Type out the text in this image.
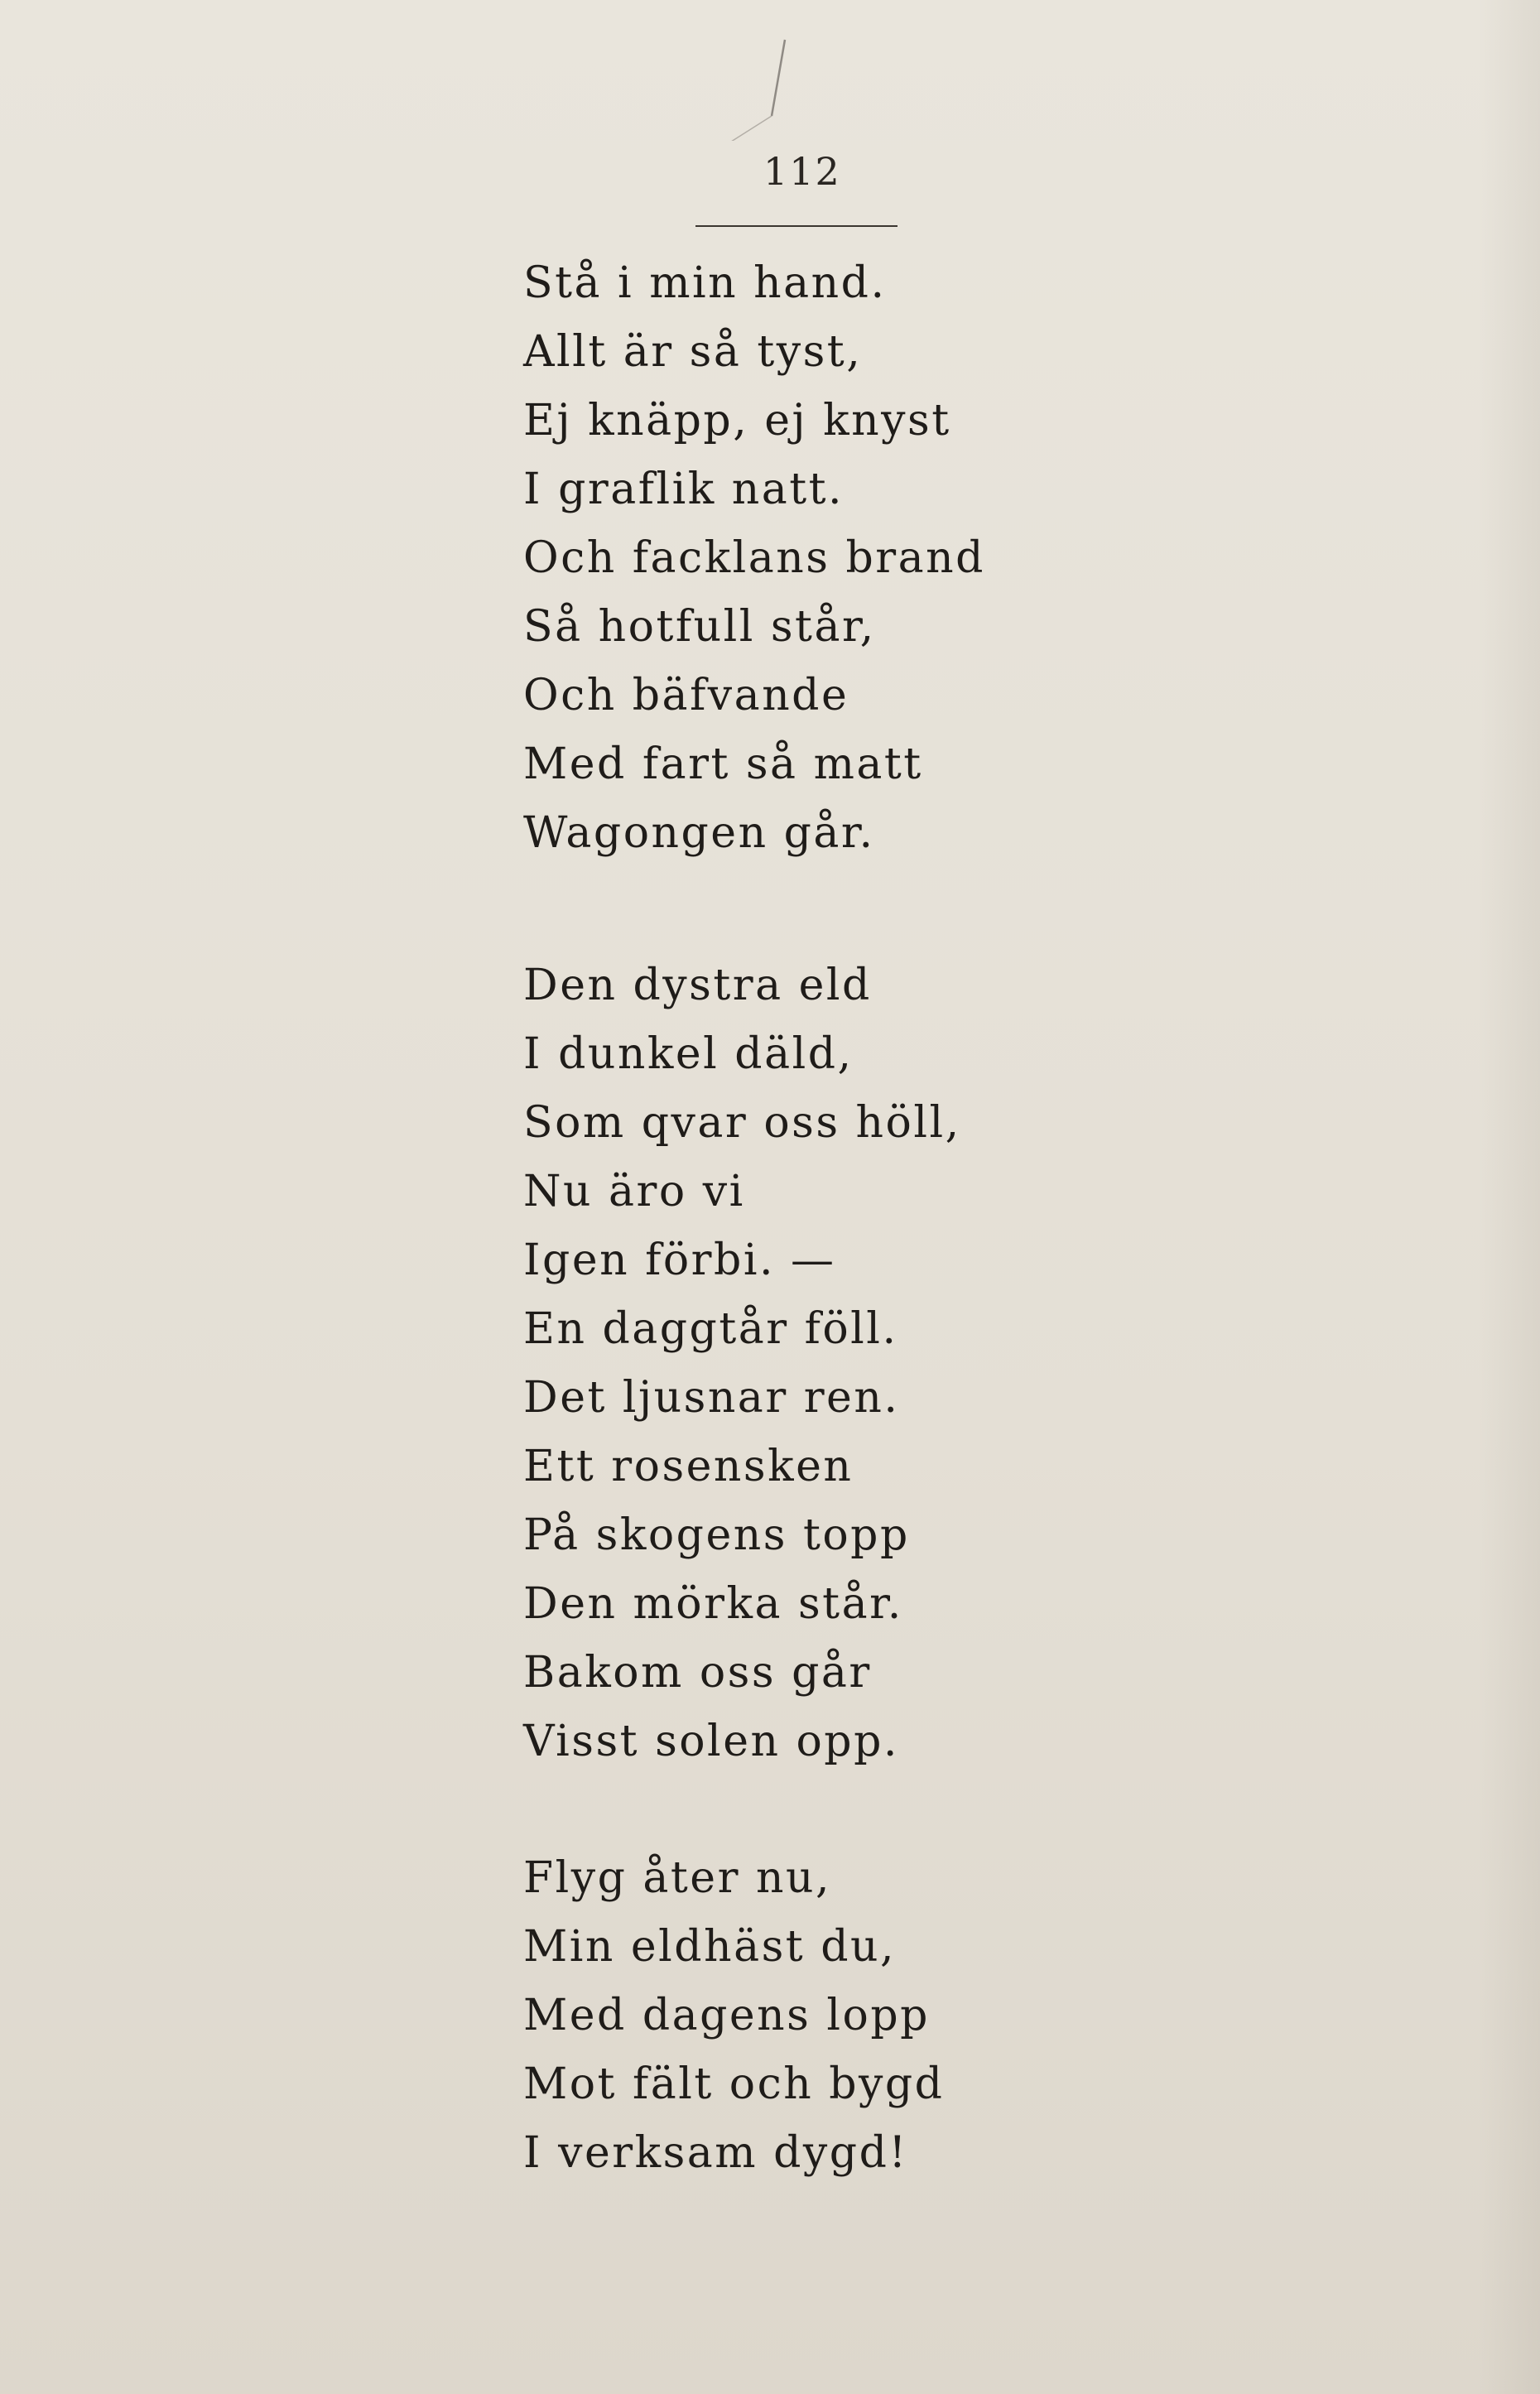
112
Stå i min hand.
Allt är så tyst,
Ej knäpp, ej knyst
I graflik natt.
Och facklans brand
Så hotfull står,
Och bäfvande
Med fart så matt
Wagongen går.
Den dystra eld
I dunkel däld,
Som qvar oss höll,
Nu äro vi
Igen förbi. —
En daggtår föll.
Det ljusnar ren.
Ett rosensken
På skogens topp
Den mörka står.
Bakom oss går
Visst solen opp.
Flyg åter nu,
Min eldhäst du,
Med dagens lopp
Mot fält och bygd
I verksam dygd!
